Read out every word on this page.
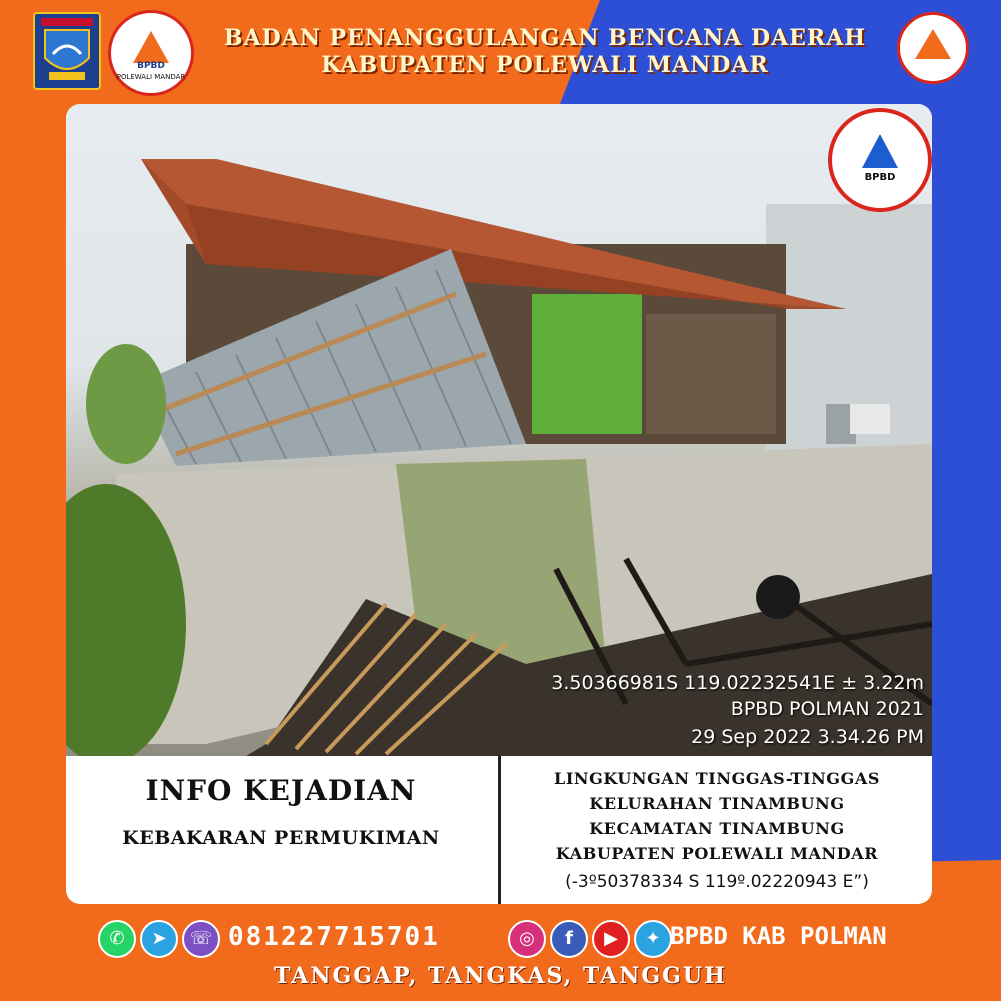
BPBD
POLEWALI MANDAR
BADAN PENANGGULANGAN BENCANA DAERAH
KABUPATEN POLEWALI MANDAR
BPBD
3.50366981S 119.02232541E ± 3.22m
BPBD POLMAN 2021
29 Sep 2022 3.34.26 PM
INFO KEJADIAN
KEBAKARAN PERMUKIMAN
LINGKUNGAN TINGGAS-TINGGAS
KELURAHAN TINAMBUNG
KECAMATAN TINAMBUNG
KABUPATEN POLEWALI MANDAR
(-3º50378334 S 119º.02220943 E”)
✆	➤	☏ 081227715701	◎	f	▶	✦ BPBD KAB POLMAN
TANGGAP, TANGKAS, TANGGUH
